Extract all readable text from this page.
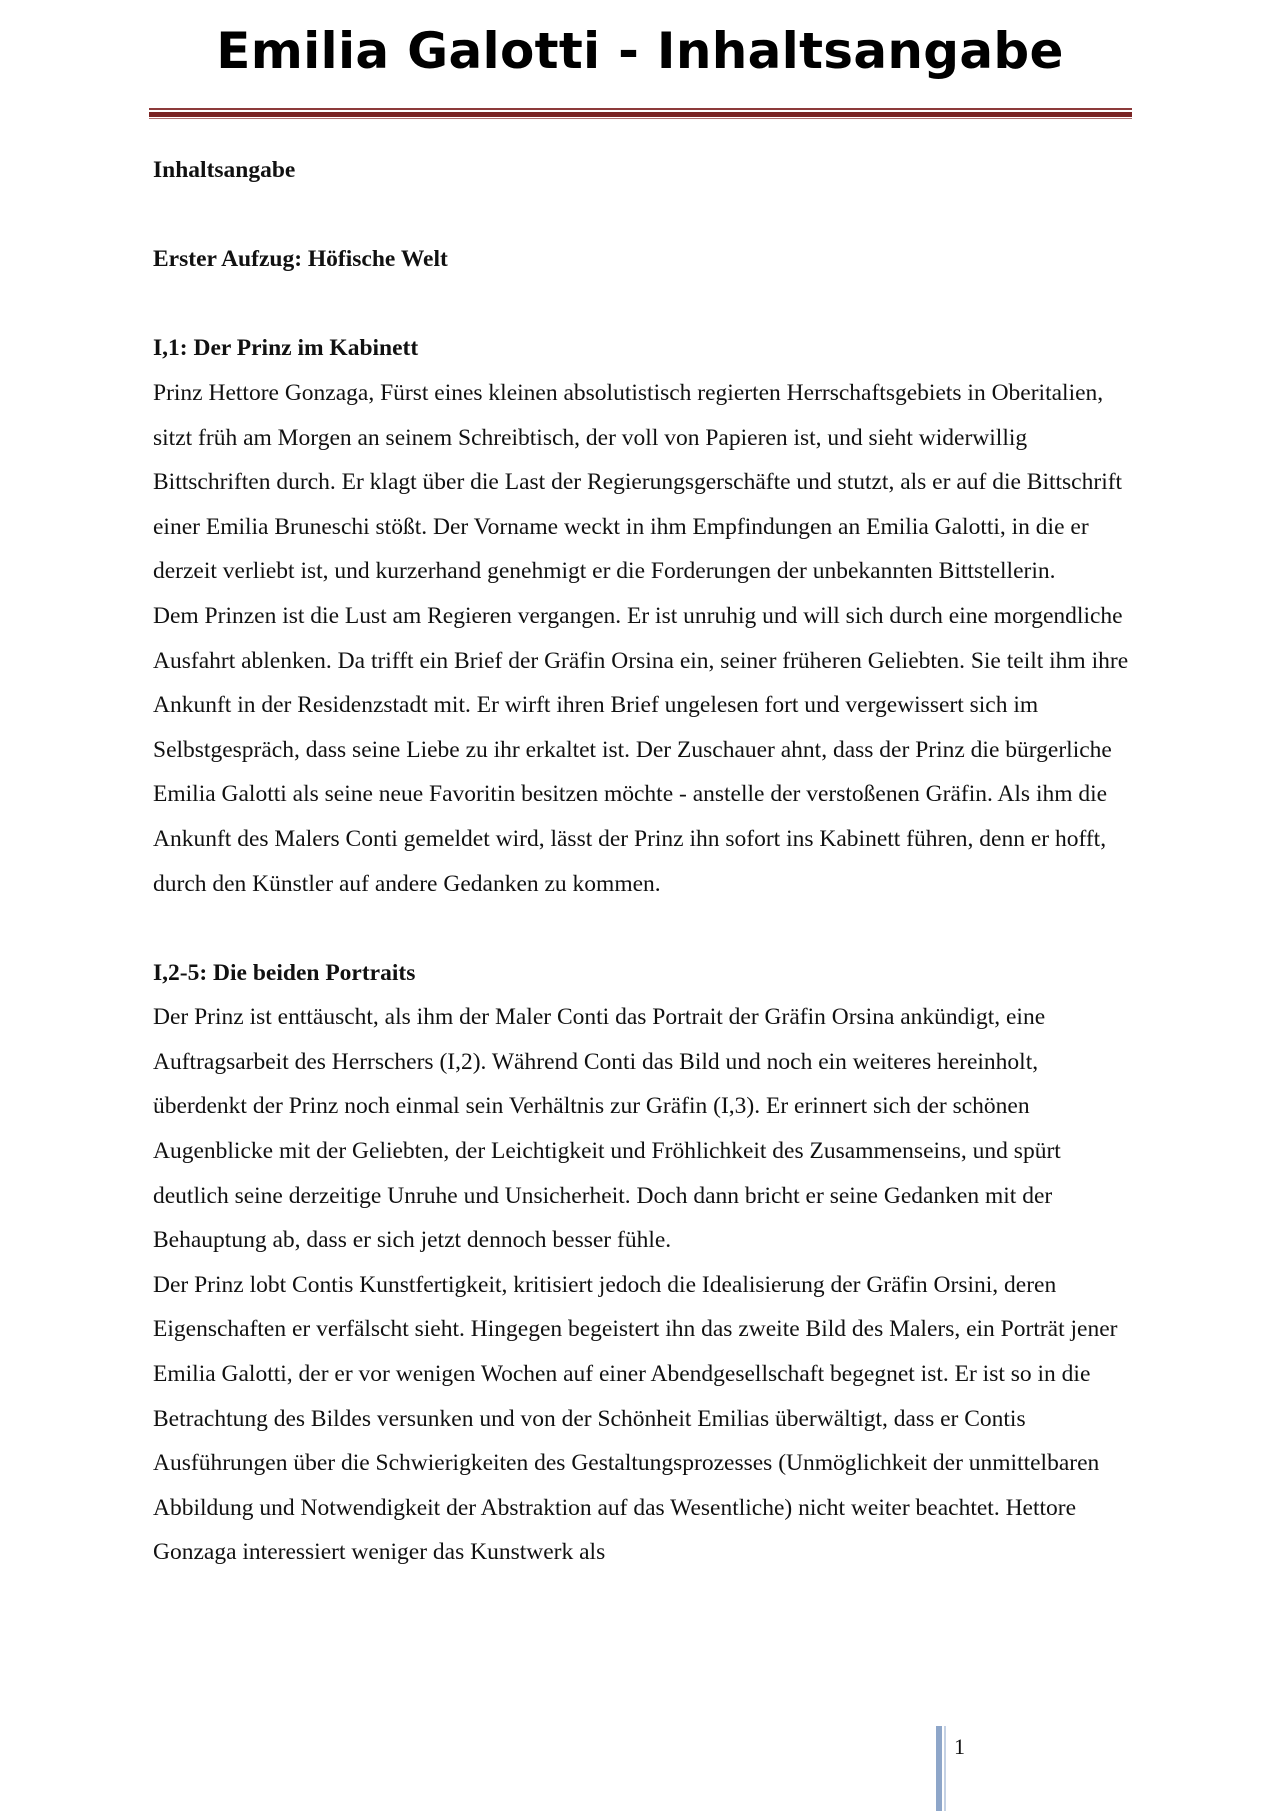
Emilia Galotti - Inhaltsangabe

Inhaltsangabe

Erster Aufzug: Höfische Welt

I,1: Der Prinz im Kabinett

Prinz Hettore Gonzaga, Fürst eines kleinen absolutistisch regierten Herrschaftsgebiets in Oberitalien, sitzt früh am Morgen an seinem Schreibtisch, der voll von Papieren ist, und sieht widerwillig Bittschriften durch. Er klagt über die Last der Regierungsgerschäfte und stutzt, als er auf die Bittschrift einer Emilia Bruneschi stößt. Der Vorname weckt in ihm Empfindungen an Emilia Galotti, in die er derzeit verliebt ist, und kurzerhand genehmigt er die Forderungen der unbekannten Bittstellerin.

Dem Prinzen ist die Lust am Regieren vergangen. Er ist unruhig und will sich durch eine morgendliche Ausfahrt ablenken. Da trifft ein Brief der Gräfin Orsina ein, seiner früheren Geliebten. Sie teilt ihm ihre Ankunft in der Residenzstadt mit. Er wirft ihren Brief ungelesen fort und vergewissert sich im Selbstgespräch, dass seine Liebe zu ihr erkaltet ist. Der Zuschauer ahnt, dass der Prinz die bürgerliche Emilia Galotti als seine neue Favoritin besitzen möchte - anstelle der verstoßenen Gräfin. Als ihm die Ankunft des Malers Conti gemeldet wird, lässt der Prinz ihn sofort ins Kabinett führen, denn er hofft, durch den Künstler auf andere Gedanken zu kommen.

I,2-5: Die beiden Portraits

Der Prinz ist enttäuscht, als ihm der Maler Conti das Portrait der Gräfin Orsina ankündigt, eine Auftragsarbeit des Herrschers (I,2). Während Conti das Bild und noch ein weiteres hereinholt, überdenkt der Prinz noch einmal sein Verhältnis zur Gräfin (I,3). Er erinnert sich der schönen Augenblicke mit der Geliebten, der Leichtigkeit und Fröhlichkeit des Zusammenseins, und spürt deutlich seine derzeitige Unruhe und Unsicherheit. Doch dann bricht er seine Gedanken mit der Behauptung ab, dass er sich jetzt dennoch besser fühle.

Der Prinz lobt Contis Kunstfertigkeit, kritisiert jedoch die Idealisierung der Gräfin Orsini, deren Eigenschaften er verfälscht sieht. Hingegen begeistert ihn das zweite Bild des Malers, ein Porträt jener Emilia Galotti, der er vor wenigen Wochen auf einer Abendgesellschaft begegnet ist. Er ist so in die Betrachtung des Bildes versunken und von der Schönheit Emilias überwältigt, dass er Contis Ausführungen über die Schwierigkeiten des Gestaltungsprozesses (Unmöglichkeit der unmittelbaren Abbildung und Notwendigkeit der Abstraktion auf das Wesentliche) nicht weiter beachtet. Hettore Gonzaga interessiert weniger das Kunstwerk als

1
